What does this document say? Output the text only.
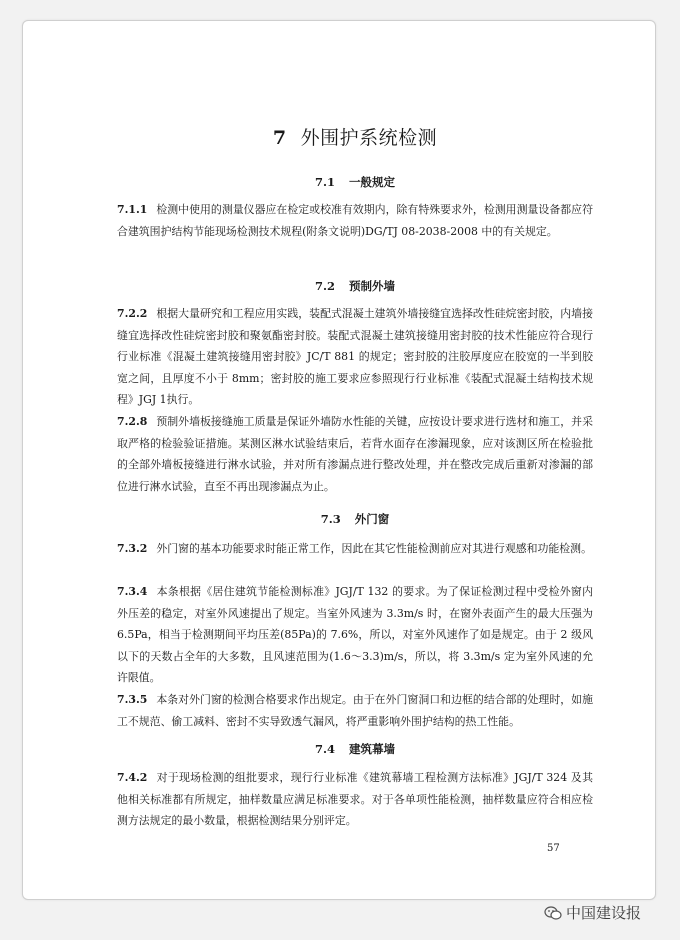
7 外围护系统检测
7.1 一般规定

7.1.1 检测中使用的测量仪器应在检定或校准有效期内，除有特殊要求外，检测用测量设备都应符合建筑围护结构节能现场检测技术规程(附条文说明)DG/TJ 08-2038-2008 中的有关规定。

7.2 预制外墙

7.2.2 根据大量研究和工程应用实践，装配式混凝土建筑外墙接缝宜选择改性硅烷密封胶，内墙接缝宜选择改性硅烷密封胶和聚氨酯密封胶。装配式混凝土建筑接缝用密封胶的技术性能应符合现行行业标准《混凝土建筑接缝用密封胶》JC/T 881 的规定；密封胶的注胶厚度应在胶宽的一半到胶宽之间，且厚度不小于 8mm；密封胶的施工要求应参照现行行业标准《装配式混凝土结构技术规程》JGJ 1执行。

7.2.8 预制外墙板接缝施工质量是保证外墙防水性能的关键，应按设计要求进行选材和施工，并采取严格的检验验证措施。某测区淋水试验结束后，若背水面存在渗漏现象，应对该测区所在检验批的全部外墙板接缝进行淋水试验，并对所有渗漏点进行整改处理，并在整改完成后重新对渗漏的部位进行淋水试验，直至不再出现渗漏点为止。

7.3 外门窗

7.3.2 外门窗的基本功能要求时能正常工作，因此在其它性能检测前应对其进行观感和功能检测。

7.3.4 本条根据《居住建筑节能检测标准》JGJ/T 132 的要求。为了保证检测过程中受检外窗内外压差的稳定，对室外风速提出了规定。当室外风速为 3.3m/s 时，在窗外表面产生的最大压强为 6.5Pa，相当于检测期间平均压差(85Pa)的 7.6%，所以，对室外风速作了如是规定。由于 2 级风以下的天数占全年的大多数，且风速范围为(1.6～3.3)m/s，所以，将 3.3m/s 定为室外风速的允许限值。

7.3.5 本条对外门窗的检测合格要求作出规定。由于在外门窗洞口和边框的结合部的处理时，如施工不规范、偷工减料、密封不实导致透气漏风，将严重影响外围护结构的热工性能。

7.4 建筑幕墙

7.4.2 对于现场检测的组批要求，现行行业标准《建筑幕墙工程检测方法标准》JGJ/T 324 及其他相关标准都有所规定，抽样数量应满足标准要求。对于各单项性能检测，抽样数量应符合相应检测方法规定的最小数量，根据检测结果分别评定。

57
中国建设报
